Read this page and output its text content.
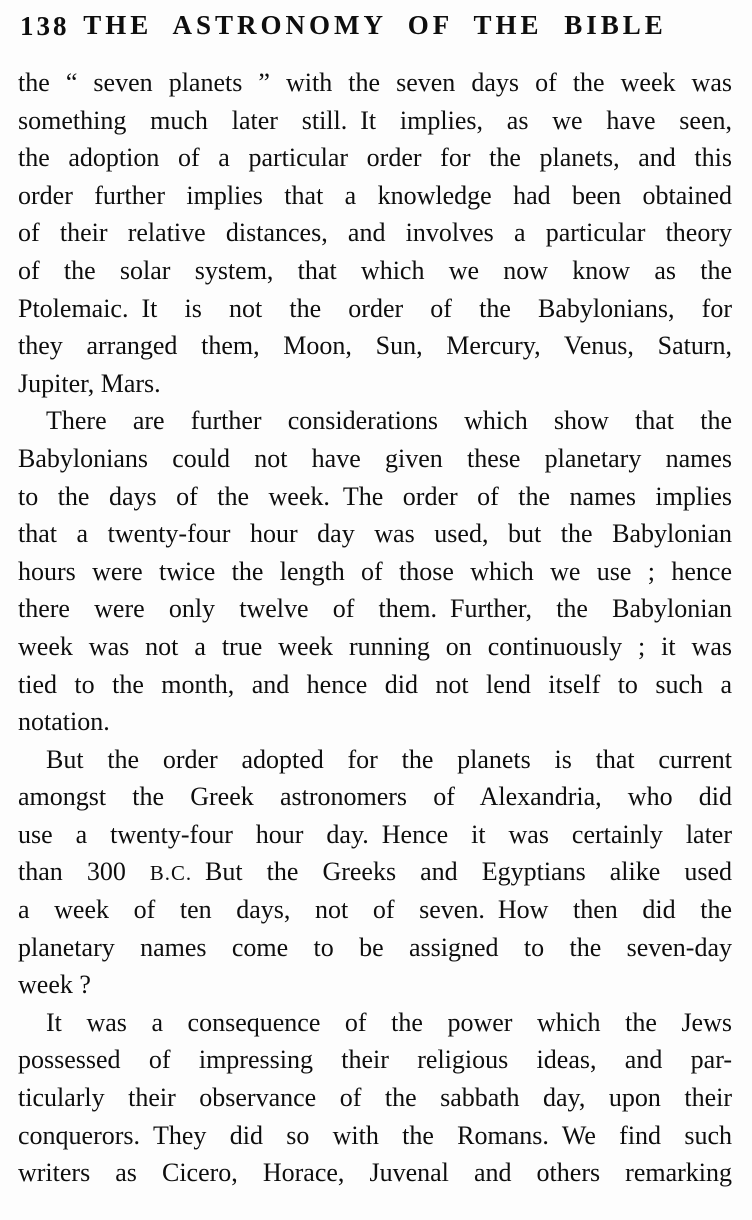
138 THE ASTRONOMY OF THE BIBLE
the “ seven planets ” with the seven days of the week was
something much later still. It implies, as we have seen,
the adoption of a particular order for the planets, and this
order further implies that a knowledge had been obtained
of their relative distances, and involves a particular theory
of the solar system, that which we now know as the
Ptolemaic. It is not the order of the Babylonians, for
they arranged them, Moon, Sun, Mercury, Venus, Saturn,
Jupiter, Mars.
There are further considerations which show that the
Babylonians could not have given these planetary names
to the days of the week. The order of the names implies
that a twenty-four hour day was used, but the Babylonian
hours were twice the length of those which we use ; hence
there were only twelve of them. Further, the Babylonian
week was not a true week running on continuously ; it was
tied to the month, and hence did not lend itself to such a
notation.
But the order adopted for the planets is that current
amongst the Greek astronomers of Alexandria, who did
use a twenty-four hour day. Hence it was certainly later
than 300 B.C. But the Greeks and Egyptians alike used
a week of ten days, not of seven. How then did the
planetary names come to be assigned to the seven-day
week ?
It was a consequence of the power which the Jews
possessed of impressing their religious ideas, and par-
ticularly their observance of the sabbath day, upon their
conquerors. They did so with the Romans. We find such
writers as Cicero, Horace, Juvenal and others remarking
